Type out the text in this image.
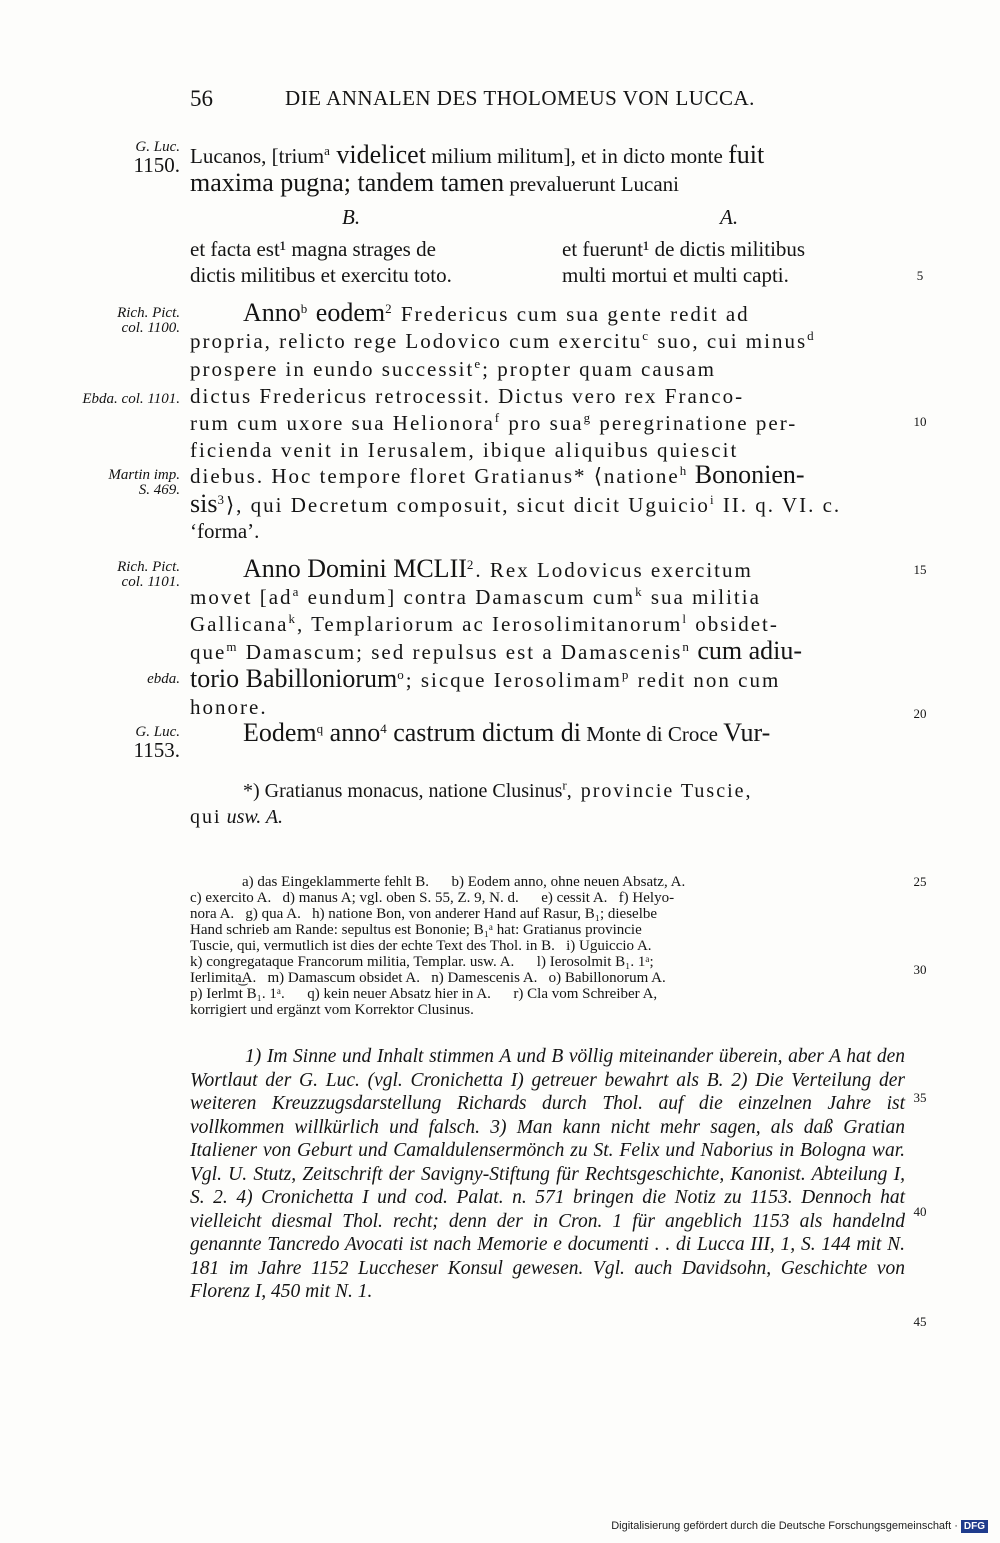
56	DIE ANNALEN DES THOLOMEUS VON LUCCA.
G. Luc.
1150.
Rich. Pict.
col. 1100.
Ebda. col. 1101.
Martin imp.
S. 469.
Rich. Pict.
col. 1101.
ebda.
G. Luc.
1153.
5
10
15
20
25
30
35
40
45
Lucanos, [trium$^a$ videlicet milium militum], et in dicto monte fuit
maxima pugna; tandem tamen prevaluerunt Lucani
B.	A.
et facta est¹ magna strages de
dictis militibus et exercitu toto.
et fuerunt¹ de dictis militibus
multi mortui et multi capti.
Anno$^b$ eodem$^2$ Fredericus cum sua gente redit ad
propria, relicto rege Lodovico cum exercitu$^c$ suo, cui minus$^d$
prospere in eundo successit$^e$; propter quam causam
dictus Fredericus retrocessit. Dictus vero rex Franco-
rum cum uxore sua Helionora$^f$ pro sua$^g$ peregrinatione per-
ficienda venit in Ierusalem, ibique aliquibus quiescit
diebus. Hoc tempore floret Gratianus* ⟨natione$^h$ Bononien-
sis$^3$⟩, qui Decretum composuit, sicut dicit Uguicio$^i$ II. q. VI. c.
‘forma’.
Anno Domini MCLII$^2$. Rex Lodovicus exercitum
movet [$ad^a$ eundum] contra Damascum cum$^k$ sua militia
Gallicana$^k$, Templariorum ac Ierosolimitanorum$^l$ obsidet-
que$^m$ Damascum; sed repulsus est a Damascenis$^n$ cum adiu-
torio Babilloniorum$^o$; sicque Ierosolimam$^p$ redit non cum
honore.
Eodem$^q$ anno$^4$ castrum dictum di Monte di Croce Vur-
*) Gratianus monacus, natione Clusinus$^r$, provincie Tuscie,
qui usw. A.

a) das Eingeklammerte fehlt B.      b) Eodem anno, ohne neuen Absatz, A.

c) exercito A.   d) manus A; vgl. oben S. 55, Z. 9, N. d.      e) cessit A.   f) Helyo-

nora A.   g) qua A.   h) natione Bon, von anderer Hand auf Rasur, B₁; dieselbe

Hand schrieb am Rande: sepultus est Bononie; B₁ᵃ hat: Gratianus provincie

Tuscie, qui, vermutlich ist dies der echte Text des Thol. in B.   i) Uguiccio A.

k) congregataque Francorum militia, Templar. usw. A.      l) Ierosolmit B₁. 1ᵃ;

Ierlimita͜A.   m) Damascum obsidet A.   n) Damescenis A.   o) Babillonorum A.

p) Ierlmt B₁. 1ᵃ.      q) kein neuer Absatz hier in A.      r) Cla vom Schreiber A,

korrigiert und ergänzt vom Korrektor Clusinus.

1) Im Sinne und Inhalt stimmen A und B völlig miteinander überein, aber A hat den Wortlaut der G. Luc. (vgl. Cronichetta I) getreuer bewahrt als B. 2) Die Verteilung der weiteren Kreuzzugsdarstellung Richards durch Thol. auf die einzelnen Jahre ist vollkommen willkürlich und falsch. 3) Man kann nicht mehr sagen, als daß Gratian Italiener von Geburt und Camaldulensermönch zu St. Felix und Naborius in Bologna war. Vgl. U. Stutz, Zeitschrift der Savigny-Stiftung für Rechtsgeschichte, Kanonist. Abteilung I, S. 2. 4) Cronichetta I und cod. Palat. n. 571 bringen die Notiz zu 1153. Dennoch hat vielleicht diesmal Thol. recht; denn der in Cron. 1 für angeblich 1153 als handelnd genannte Tancredo Avocati ist nach Memorie e documenti . . di Lucca III, 1, S. 144 mit N. 181 im Jahre 1152 Luccheser Konsul gewesen. Vgl. auch Davidsohn, Geschichte von Florenz I, 450 mit N. 1.

Digitalisierung gefördert durch die Deutsche Forschungsgemeinschaft · DFG
